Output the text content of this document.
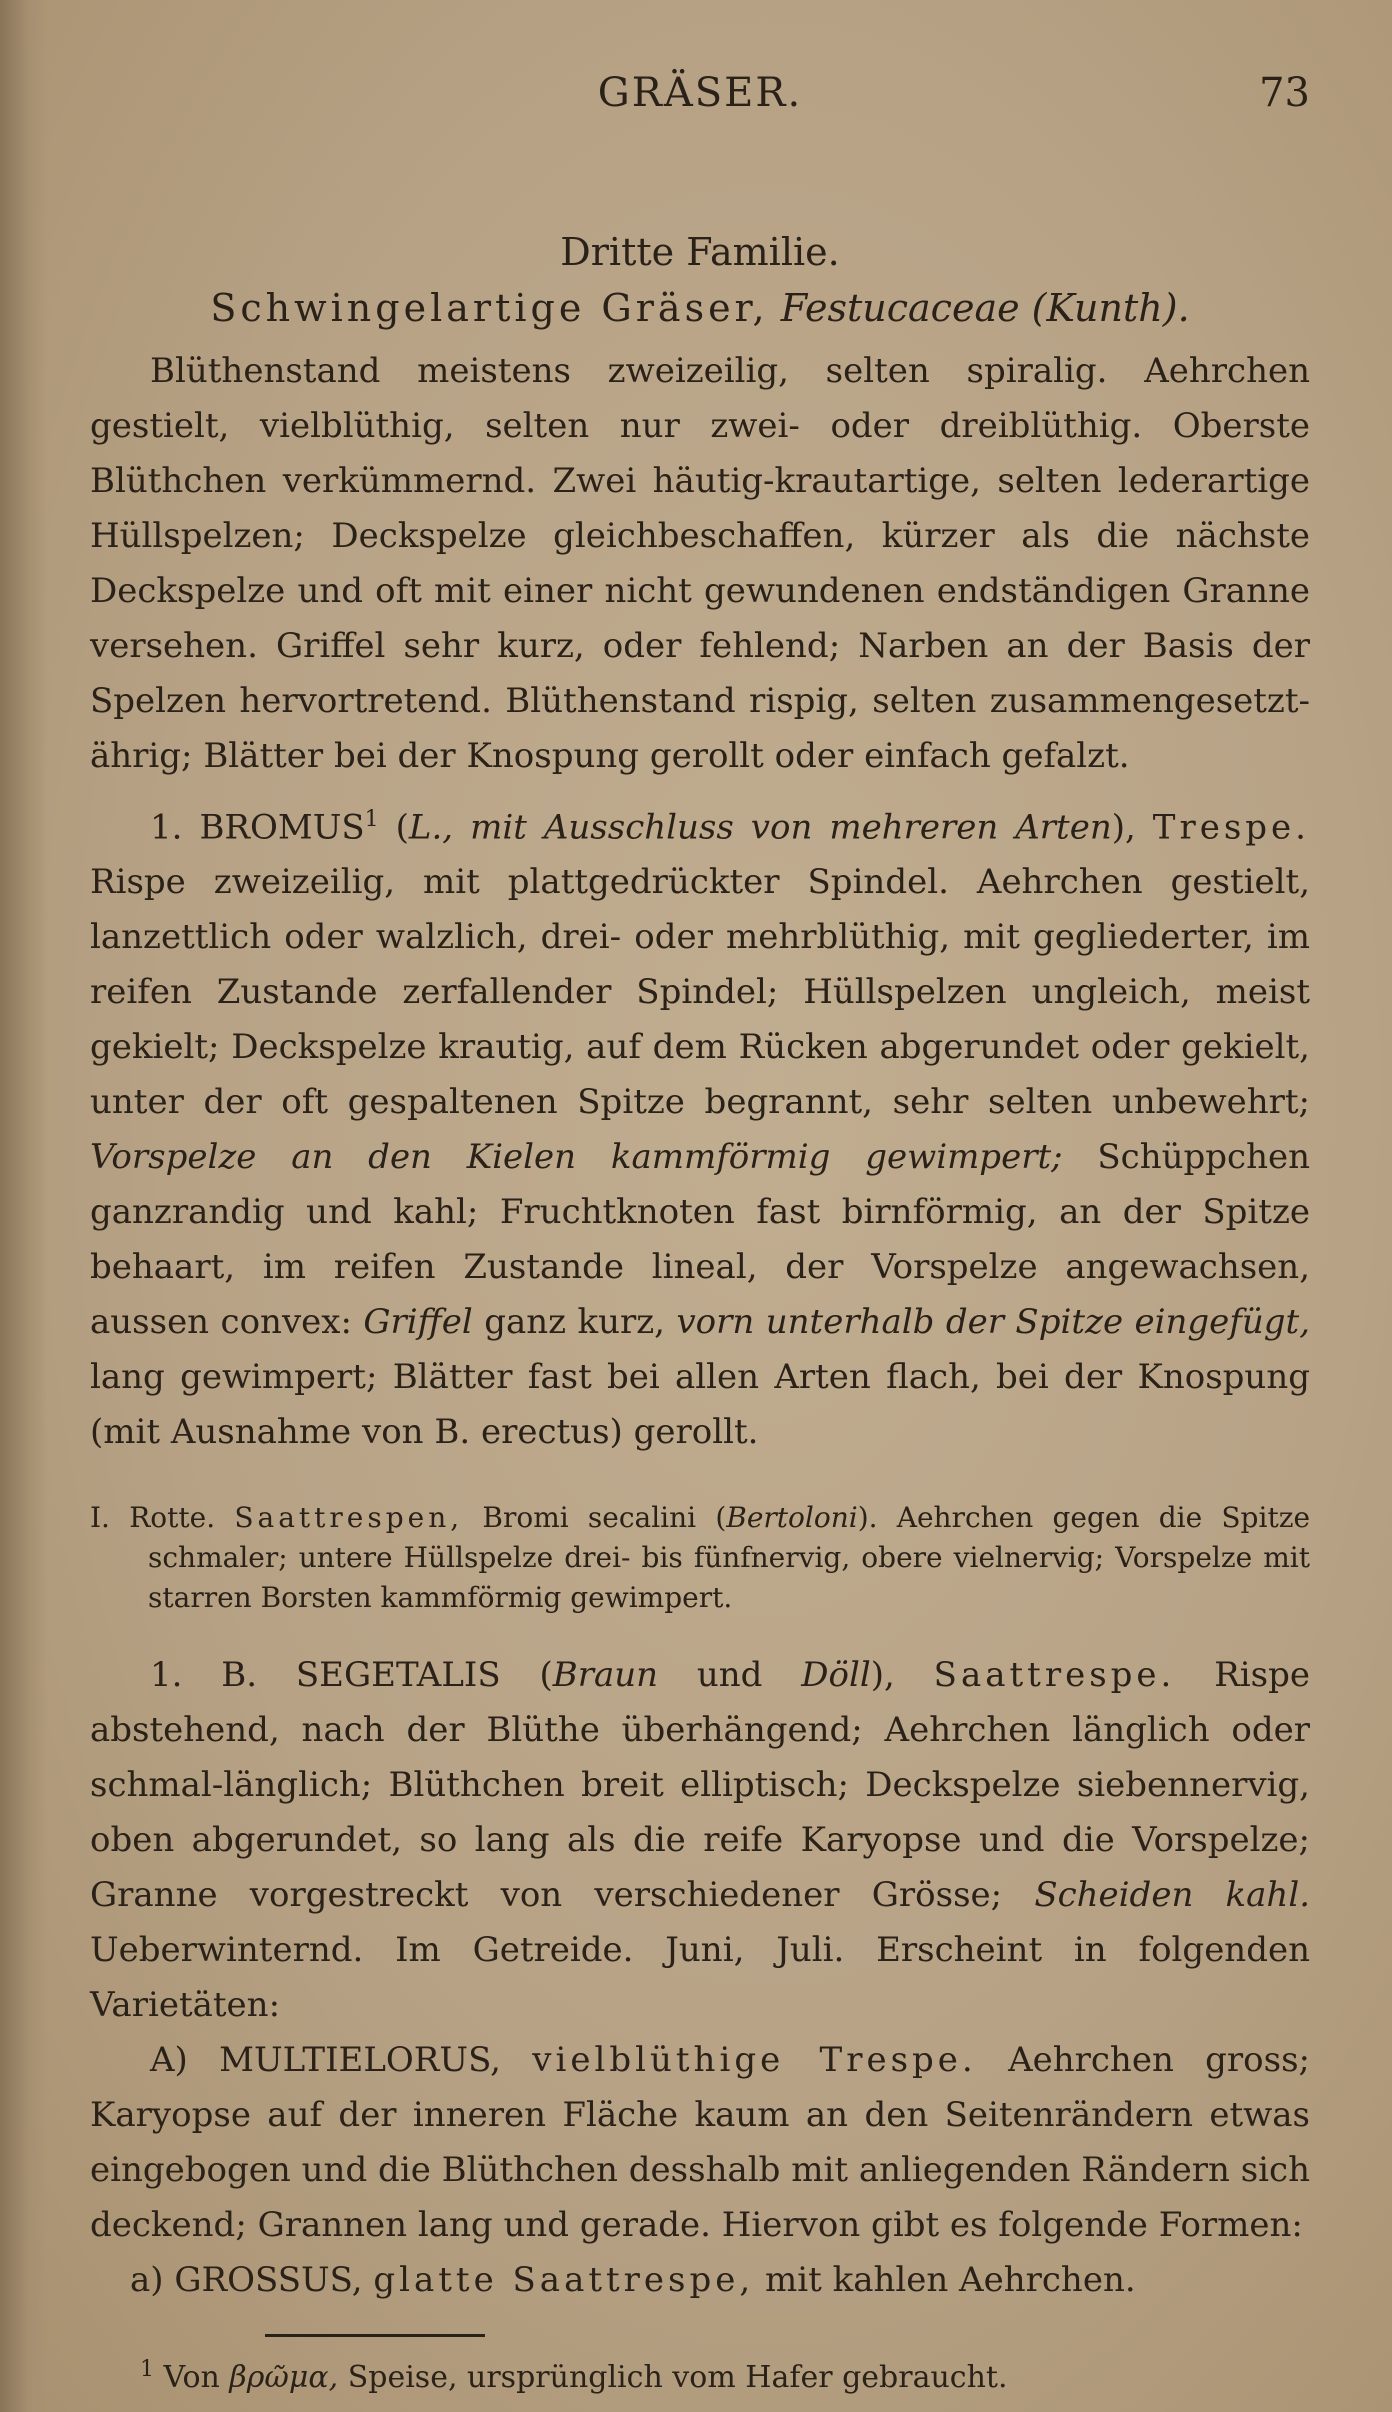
GRÄSER.	73
Dritte Familie.
Schwingelartige Gräser, Festucaceae (Kunth).

Blüthenstand meistens zweizeilig, selten spiralig. Aehrchen gestielt, vielblüthig, selten nur zwei- oder dreiblüthig. Oberste Blüthchen verkümmernd. Zwei häutig-krautartige, selten lederartige Hüllspelzen; Deckspelze gleichbeschaffen, kürzer als die nächste Deckspelze und oft mit einer nicht gewundenen endständigen Granne versehen. Griffel sehr kurz, oder fehlend; Narben an der Basis der Spelzen hervortretend. Blüthenstand rispig, selten zusammengesetzt-ährig; Blätter bei der Knospung gerollt oder einfach gefalzt.

1. BROMUS$^1$ (L., mit Ausschluss von mehreren Arten), Trespe. Rispe zweizeilig, mit plattgedrückter Spindel. Aehrchen gestielt, lanzettlich oder walzlich, drei- oder mehrblüthig, mit gegliederter, im reifen Zustande zerfallender Spindel; Hüllspelzen ungleich, meist gekielt; Deckspelze krautig, auf dem Rücken abgerundet oder gekielt, unter der oft gespaltenen Spitze begrannt, sehr selten unbewehrt; Vorspelze an den Kielen kammförmig gewimpert; Schüppchen ganzrandig und kahl; Fruchtknoten fast birnförmig, an der Spitze behaart, im reifen Zustande lineal, der Vorspelze angewachsen, aussen convex: Griffel ganz kurz, vorn unterhalb der Spitze eingefügt, lang gewimpert; Blätter fast bei allen Arten flach, bei der Knospung (mit Ausnahme von B. erectus) gerollt.

I. Rotte. Saattrespen, Bromi secalini (Bertoloni). Aehrchen gegen die Spitze schmaler; untere Hüllspelze drei- bis fünfnervig, obere vielnervig; Vorspelze mit starren Borsten kammförmig gewimpert.

1. B. SEGETALIS (Braun und Döll), Saattrespe. Rispe abstehend, nach der Blüthe überhängend; Aehrchen länglich oder schmal-länglich; Blüthchen breit elliptisch; Deckspelze siebennervig, oben abgerundet, so lang als die reife Karyopse und die Vorspelze; Granne vorgestreckt von verschiedener Grösse; Scheiden kahl. Ueberwinternd. Im Getreide. Juni, Juli. Erscheint in folgenden Varietäten:

A) MULTIELORUS, vielblüthige Trespe. Aehrchen gross; Karyopse auf der inneren Fläche kaum an den Seitenrändern etwas eingebogen und die Blüthchen desshalb mit anliegenden Rändern sich deckend; Grannen lang und gerade. Hiervon gibt es folgende Formen:

a) GROSSUS, glatte Saattrespe, mit kahlen Aehrchen.

$^1$ Von βρῶμα, Speise, ursprünglich vom Hafer gebraucht.
